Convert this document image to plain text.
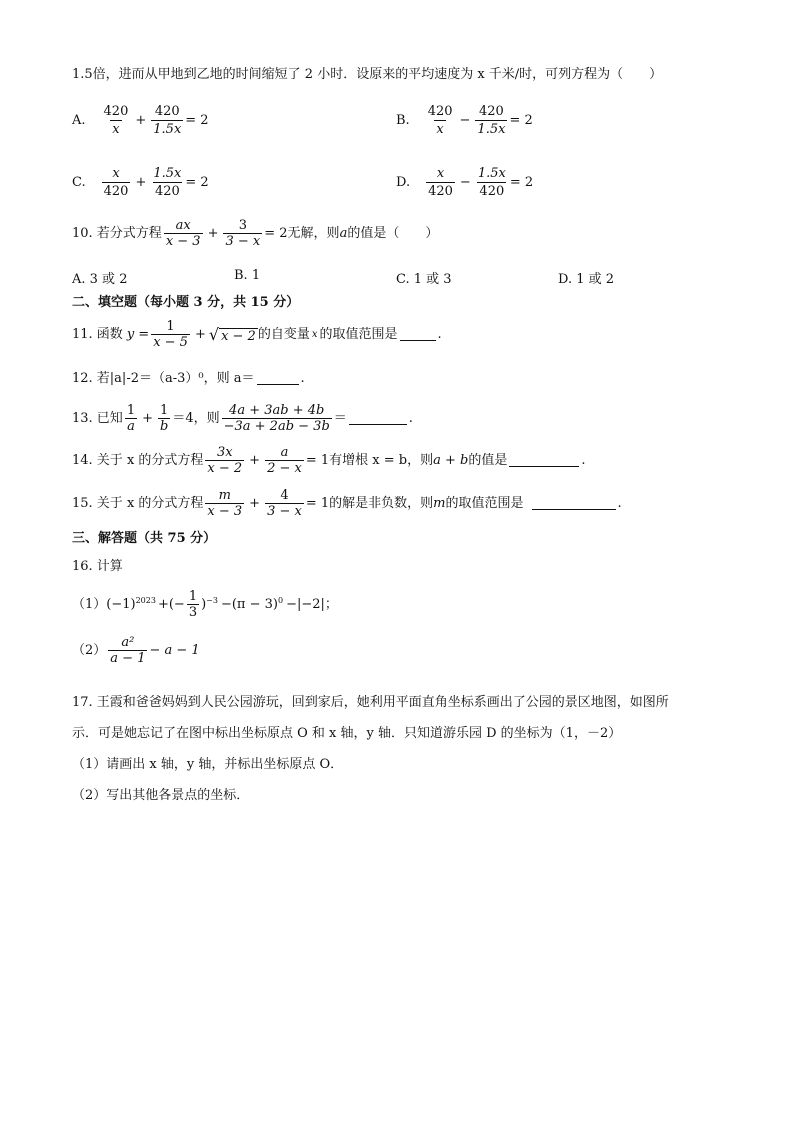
1.5倍，进而从甲地到乙地的时间缩短了 2 小时．设原来的平均速度为 x 千米/时，可列方程为（　　）
A. $\frac{420}{x} + \frac{420}{1.5x} = 2$	B. $\frac{420}{x} - \frac{420}{1.5x} = 2$
C. $\frac{x}{420} + \frac{1.5x}{420} = 2$	D. $\frac{x}{420} - \frac{1.5x}{420} = 2$
10. 若分式方程 $\frac{ax}{x - 3} + \frac{3}{3 - x} = 2$ 无解，则 a 的值是（　　）
A. 3 或 2	B. 1	C. 1 或 3	D. 1 或 2
二、填空题（每小题 3 分，共 15 分）
11. 函数 $y = \frac{1}{x - 5}$ + √ x − 2 的自变量 x 的取值范围是	.
12. 若|a|-2＝（a-3）⁰，则 a＝	.
13. 已知 $\frac{1}{a} + \frac{1}{b} =4$，则 $\frac{4a + 3ab + 4b}{-3a + 2ab - 3b}$ ＝	.
14. 关于 x 的分式方程 $\frac{3x}{x - 2} + \frac{a}{2 - x} = 1$ 有增根 x = b，则 a + b 的值是	.
15. 关于 x 的分式方程 $\frac{m}{x - 3} + \frac{4}{3 - x} = 1$ 的解是非负数，则 m 的取值范围是	.
三、解答题（共 75 分）
16. 计算
（1） (−1) 2023 +(− $\frac{1}{3}$ ) −3 −(π − 3) 0 −|−2|；
$(2) \frac{\text{a²}}{a - 1} - a - 1$
17. 王霞和爸爸妈妈到人民公园游玩，回到家后，她利用平面直角坐标系画出了公园的景区地图，如图所
示．可是她忘记了在图中标出坐标原点 O 和 x 轴，y 轴．只知道游乐园 D 的坐标为（1，－2）
（1）请画出 x 轴，y 轴，并标出坐标原点 O．
（2）写出其他各景点的坐标．
